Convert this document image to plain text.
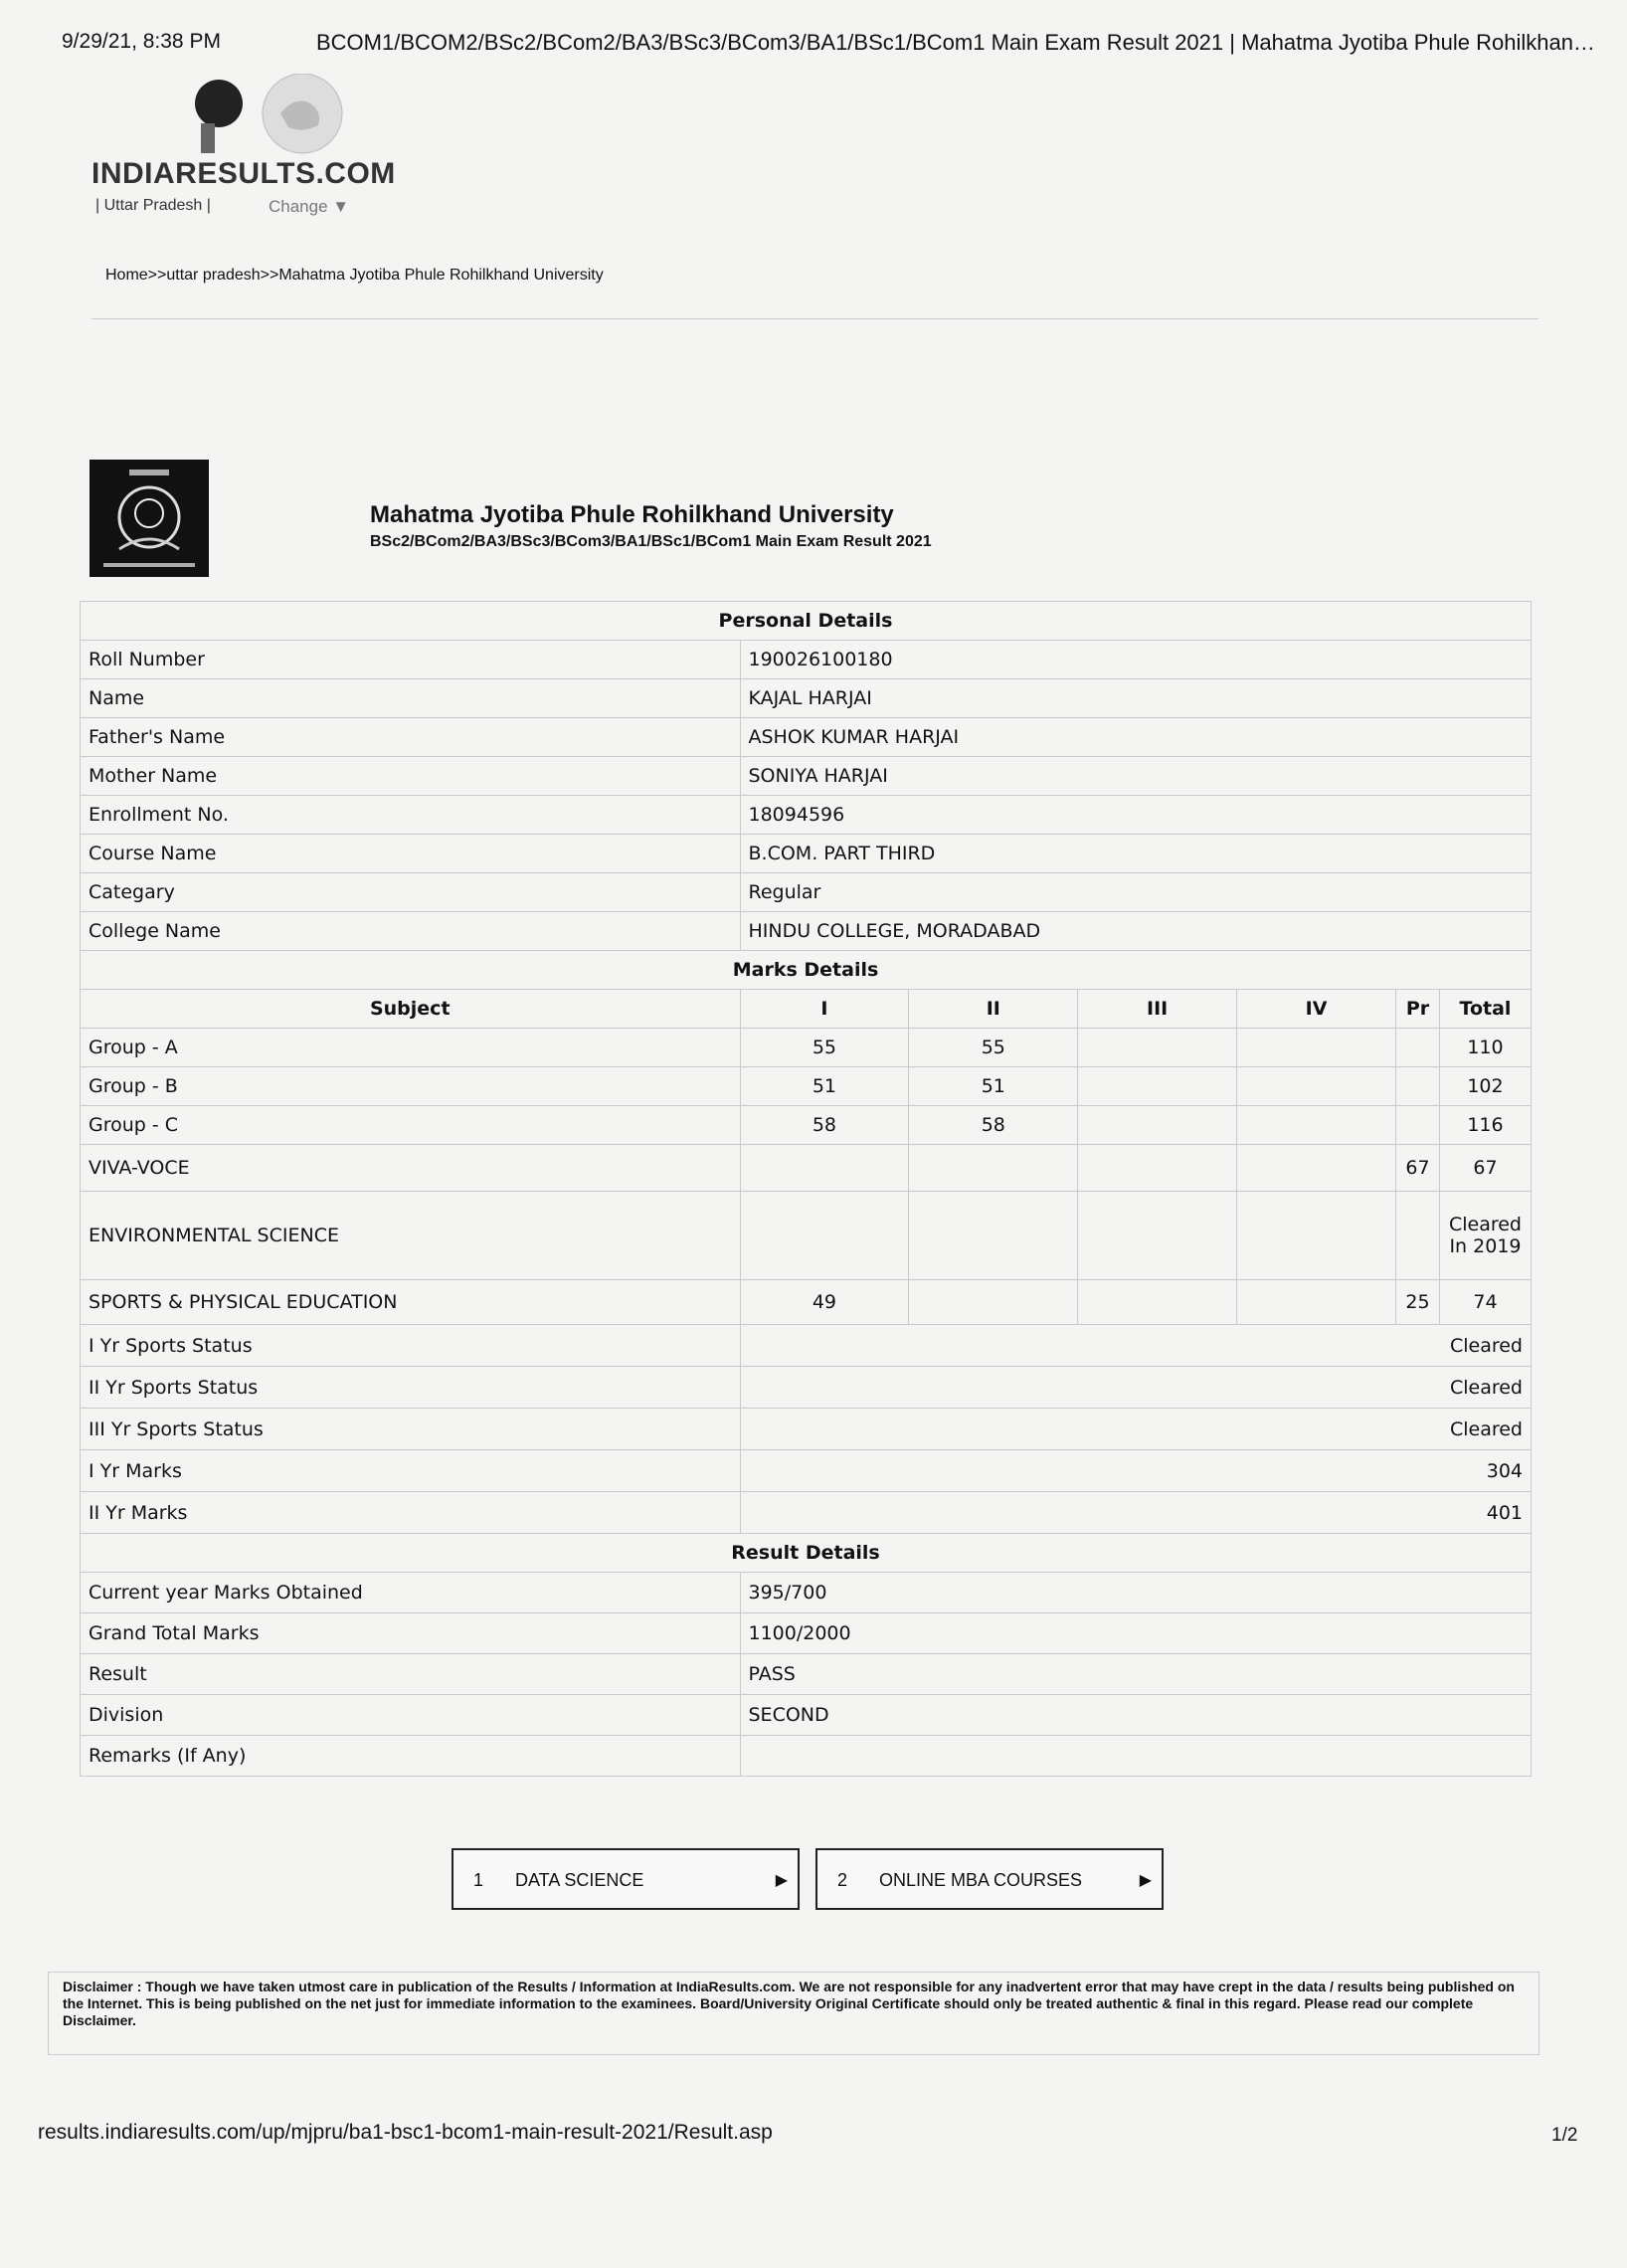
9/29/21, 8:38 PM	BCOM1/BCOM2/BSc2/BCom2/BA3/BSc3/BCom3/BA1/BSc1/BCom1 Main Exam Result 2021 | Mahatma Jyotiba Phule Rohilkhan…
INDIARESULTS.COM
| Uttar Pradesh |	Change ▼
Home>>uttar pradesh>>Mahatma Jyotiba Phule Rohilkhand University
Mahatma Jyotiba Phule Rohilkhand University
BSc2/BCom2/BA3/BSc3/BCom3/BA1/BSc1/BCom1 Main Exam Result 2021
Personal Details						
Roll Number	190026100180					
Name	KAJAL HARJAI					
Father's Name	ASHOK KUMAR HARJAI					
Mother Name	SONIYA HARJAI					
Enrollment No.	18094596					
Course Name	B.COM. PART THIRD					
Categary	Regular					
College Name	HINDU COLLEGE, MORADABAD					
Marks Details						
Subject	I	II	III	IV	Pr	Total
Group - A	55	55				110
Group - B	51	51				102
Group - C	58	58				116
VIVA-VOCE					67	67
ENVIRONMENTAL SCIENCE						Cleared In 2019
SPORTS & PHYSICAL EDUCATION	49				25	74
I Yr Sports Status	Cleared					
II Yr Sports Status	Cleared					
III Yr Sports Status	Cleared					
I Yr Marks	304					
II Yr Marks	401					
Result Details						
Current year Marks Obtained	395/700					
Grand Total Marks	1100/2000					
Result	PASS					
Division	SECOND					
Remarks (If Any)						
1 DATA SCIENCE	▶	2 ONLINE MBA COURSES	▶
Disclaimer : Though we have taken utmost care in publication of the Results / Information at IndiaResults.com. We are not responsible for any inadvertent error that may have crept in the data / results being published on the Internet. This is being published on the net just for immediate information to the examinees. Board/University Original Certificate should only be treated authentic & final in this regard. Please read our complete Disclaimer.
results.indiaresults.com/up/mjpru/ba1-bsc1-bcom1-main-result-2021/Result.asp	1/2
